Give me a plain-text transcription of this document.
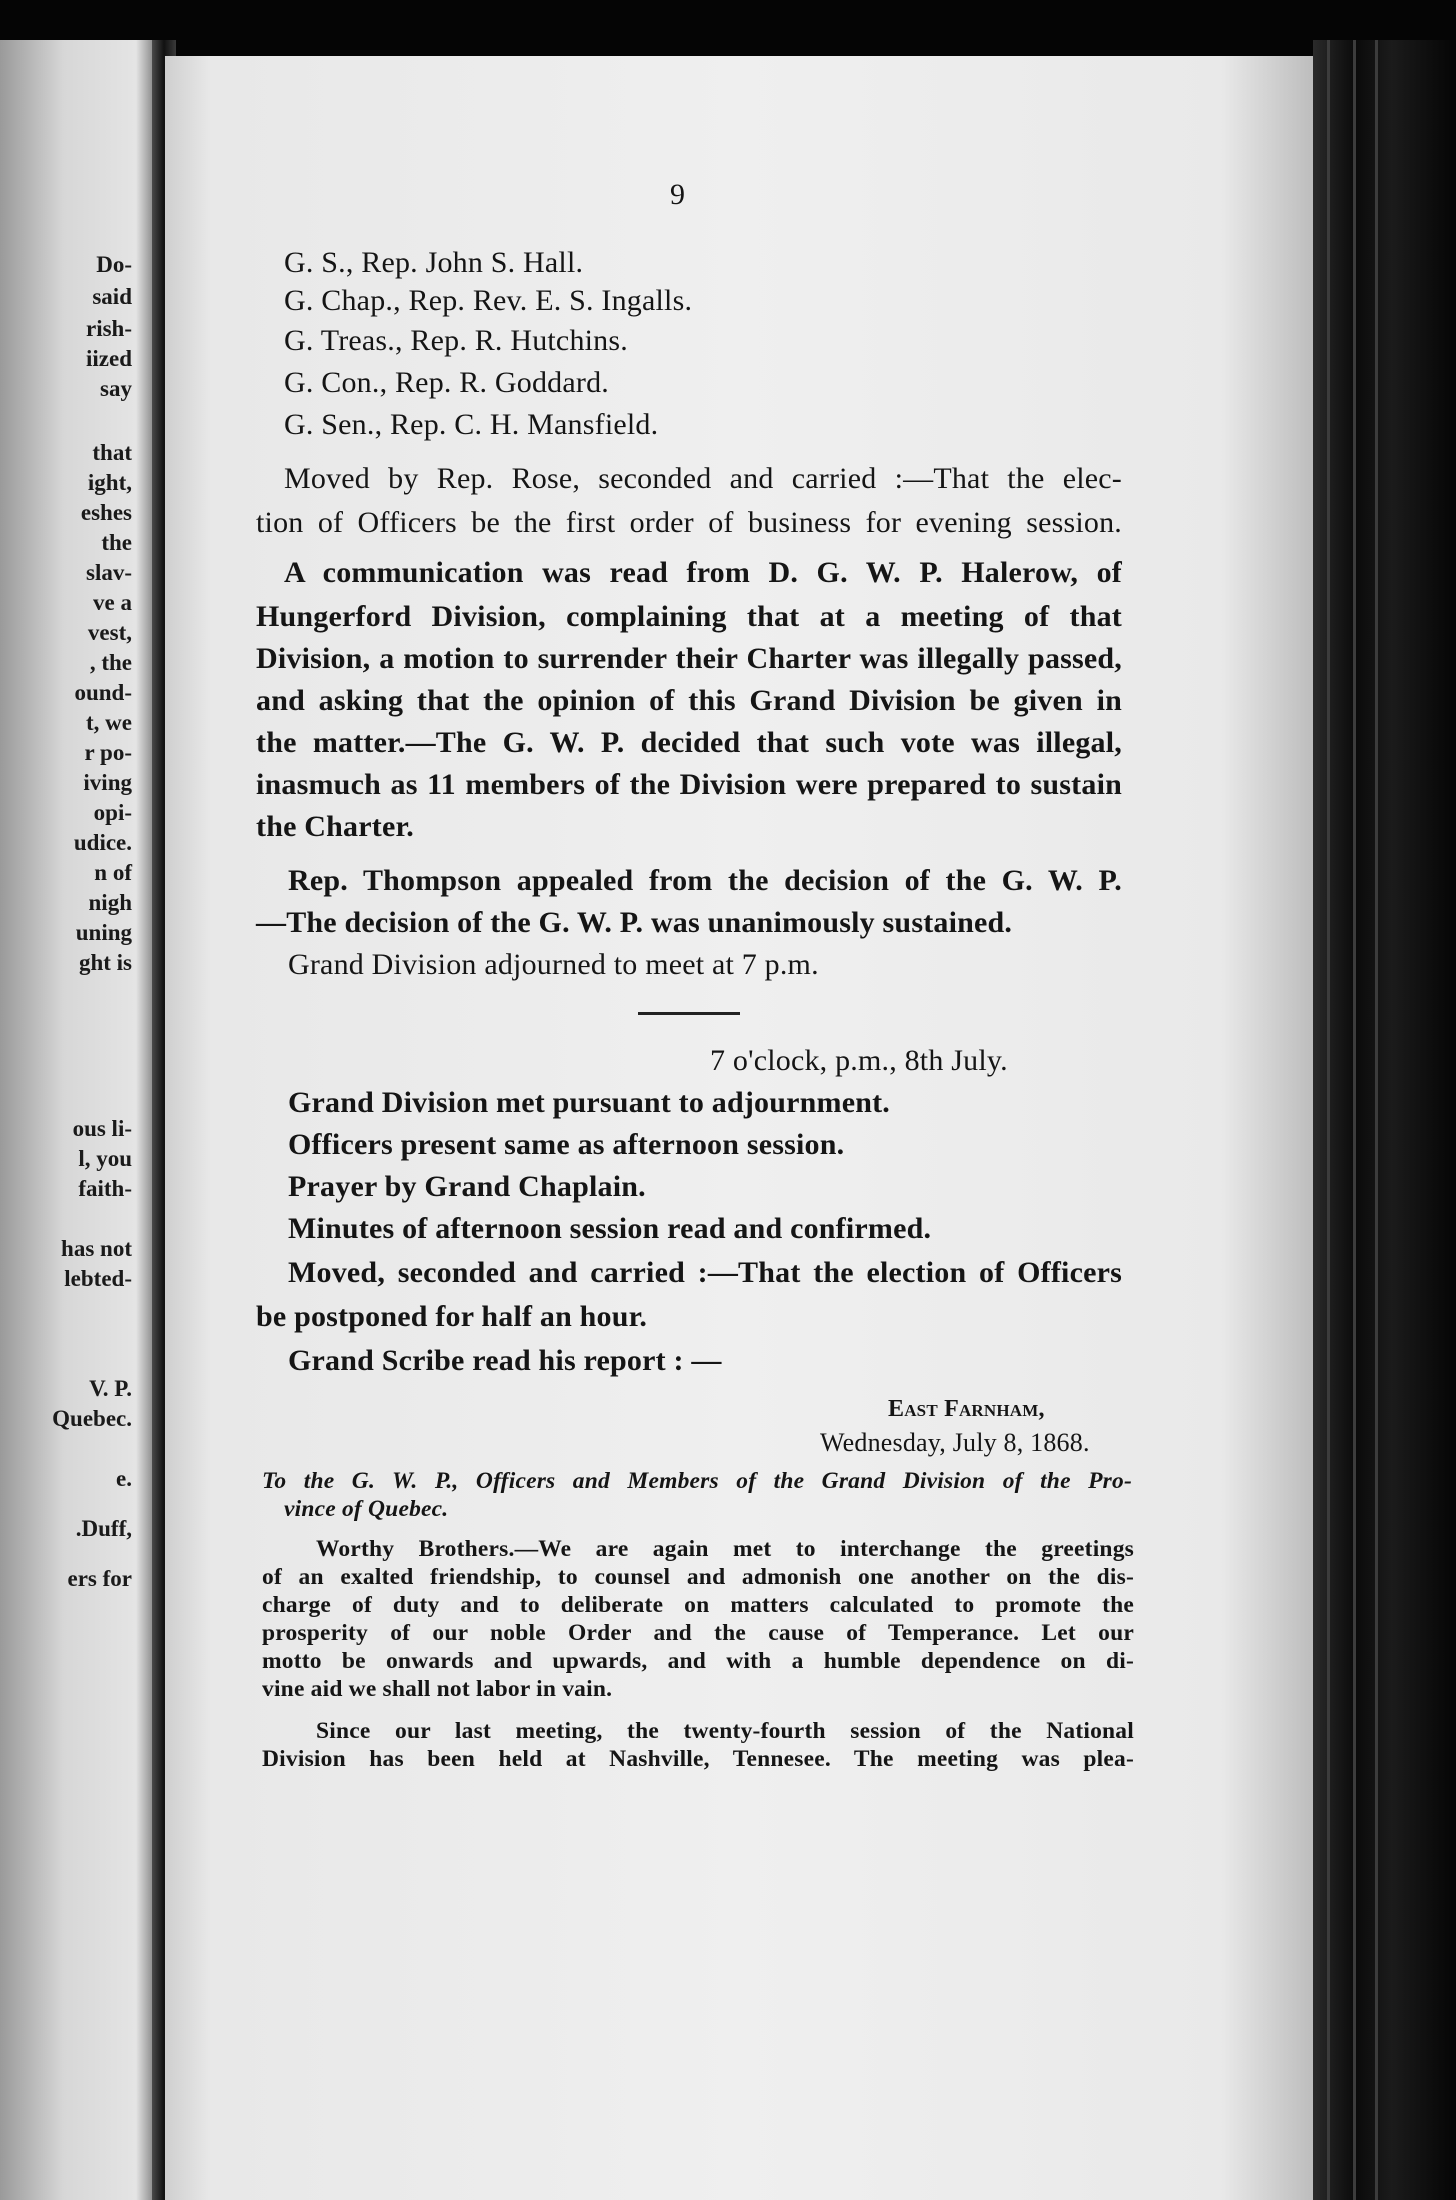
Do-
said
rish-
iized
say
that
ight,
eshes
the
slav-
ve a
vest,
, the
ound-
t, we
r po-
iving
opi-
udice.
n of
nigh
uning
ght is
ous li-
l, you
faith-
has not
lebted-
V. P.
Quebec.
e.
.Duff,
ers for
9
G. S., Rep. John S. Hall.
G. Chap., Rep. Rev. E. S. Ingalls.
G. Treas., Rep. R. Hutchins.
G. Con., Rep. R. Goddard.
G. Sen., Rep. C. H. Mansfield.
Moved by Rep. Rose, seconded and carried :—That the elec-
tion of Officers be the first order of business for evening session.
A communication was read from D. G. W. P. Halerow, of
Hungerford Division, complaining that at a meeting of that
Division, a motion to surrender their Charter was illegally passed,
and asking that the opinion of this Grand Division be given in
the matter.—The G. W. P. decided that such vote was illegal,
inasmuch as 11 members of the Division were prepared to sustain
the Charter.
Rep. Thompson appealed from the decision of the G. W. P.
—The decision of the G. W. P. was unanimously sustained.
Grand Division adjourned to meet at 7 p.m.
7 o'clock, p.m., 8th July.
Grand Division met pursuant to adjournment.
Officers present same as afternoon session.
Prayer by Grand Chaplain.
Minutes of afternoon session read and confirmed.
Moved, seconded and carried :—That the election of Officers
be postponed for half an hour.
Grand Scribe read his report : —
East Farnham,
Wednesday, July 8, 1868.
To the G. W. P., Officers and Members of the Grand Division of the Pro-
vince of Quebec.
Worthy Brothers.—We are again met to interchange the greetings
of an exalted friendship, to counsel and admonish one another on the dis-
charge of duty and to deliberate on matters calculated to promote the
prosperity of our noble Order and the cause of Temperance. Let our
motto be onwards and upwards, and with a humble dependence on di-
vine aid we shall not labor in vain.
Since our last meeting, the twenty-fourth session of the National
Division has been held at Nashville, Tennesee. The meeting was plea-
